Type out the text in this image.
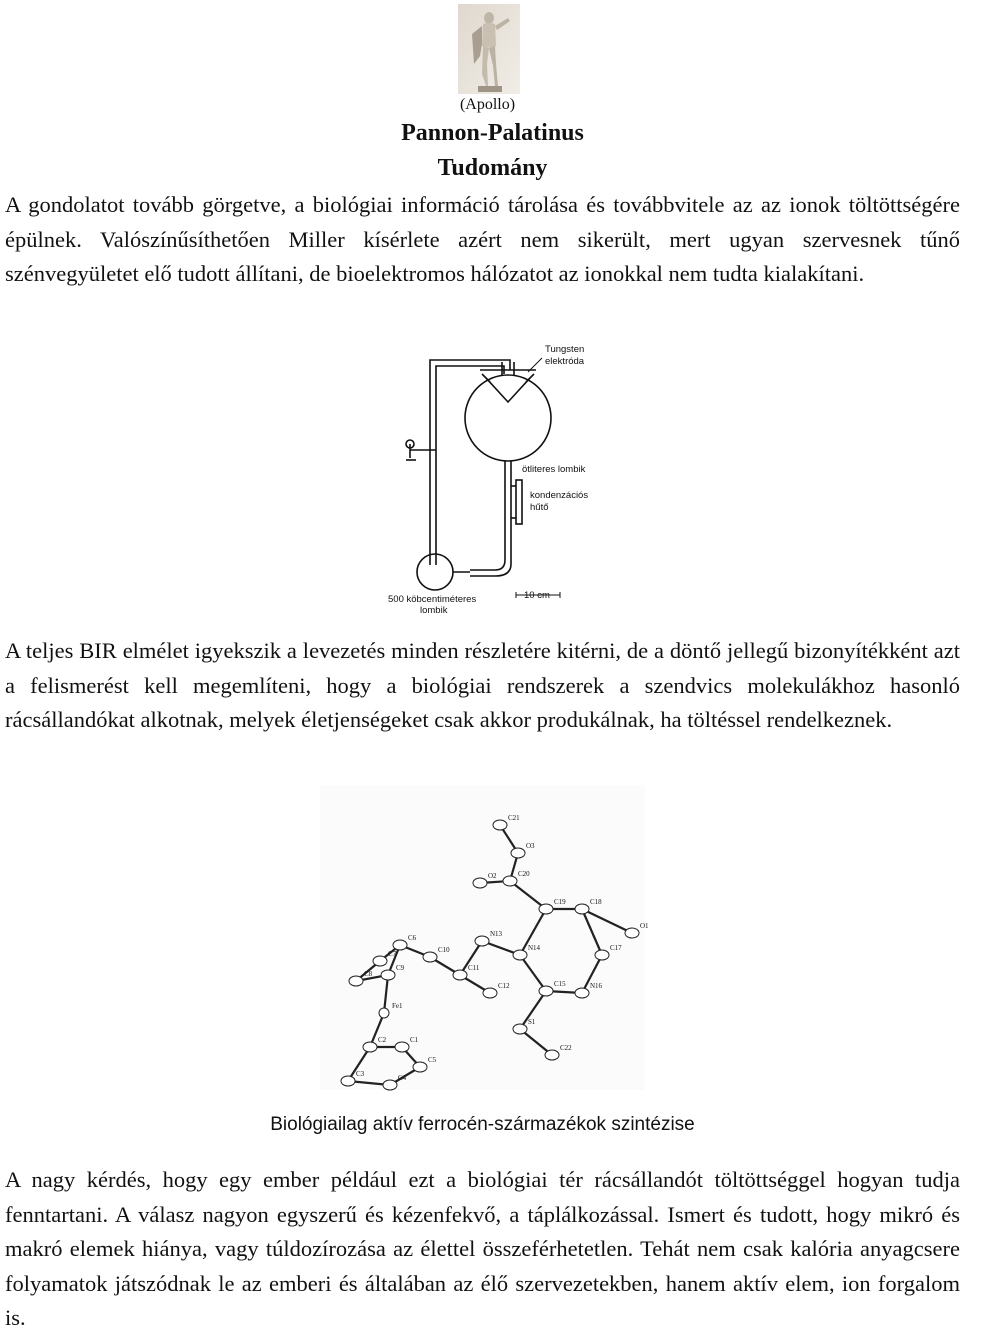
(Apollo)
Pannon-Palatinus
Tudomány
A gondolatot tovább görgetve, a biológiai információ tárolása és továbbvitele az az ionok töltöttségére épülnek. Valószínűsíthetően Miller kísérlete azért nem sikerült, mert ugyan szervesnek tűnő szénvegyületet elő tudott állítani, de bioelektromos hálózatot az ionokkal nem tudta kialakítani.
Tungsten
elektróda
ötliteres lombik
kondenzációs
hűtő
500 köbcentiméteres
lombik
10 cm
A teljes BIR elmélet igyekszik a levezetés minden részletére kitérni, de a döntő jellegű bizonyítékként azt a felismerést kell megemlíteni, hogy a biológiai rendszerek a szendvics molekulákhoz hasonló rácsállandókat alkotnak, melyek életjenségeket csak akkor produkálnak, ha töltéssel rendelkeznek.
C21
O3
O2	C20
C19	C18
O1
N13
N14	C17
C6
C9
C10
C11
C12	C15	N16
C8
C7
Fe1
S1
C22
C2	C1
C3	C4
C5
Biológiailag aktív ferrocén-származékok szintézise
A nagy kérdés, hogy egy ember például ezt a biológiai tér rácsállandót töltöttséggel hogyan tudja fenntartani. A válasz nagyon egyszerű és kézenfekvő, a táplálkozással. Ismert és tudott, hogy mikró és makró elemek hiánya, vagy túldozírozása az élettel összeférhetetlen. Tehát nem csak kalória anyagcsere folyamatok játszódnak le az emberi és általában az élő szervezetekben, hanem aktív elem, ion forgalom is.
